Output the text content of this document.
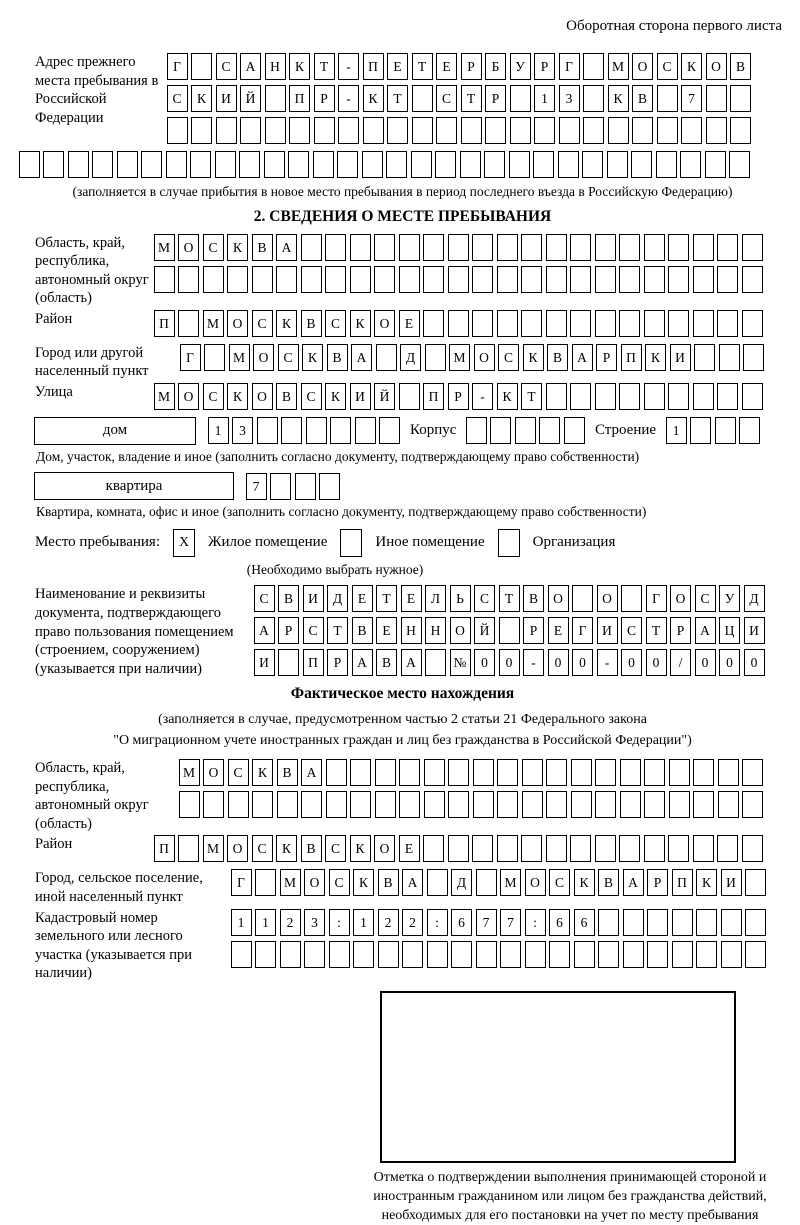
Оборотная сторона первого листа
Адрес прежнего места пребывания в Российской Федерации
Г	С	А	Н	К	Т	-	П	Е	Т	Е	Р	Б	У	Р	Г	М	О	С	К	О	В
С	К	И	Й	П	Р	-	К	Т	С	Т	Р	1	3	К	В	7
(заполняется в случае прибытия в новое место пребывания в период последнего въезда в Российскую Федерацию)
2. СВЕДЕНИЯ О МЕСТЕ ПРЕБЫВАНИЯ
Область, край, республика, автономный округ (область)
М	О	С	К	В	А
Район	П	М	О	С	К	В	С	К	О	Е
Город или другой населенный пункт
Г	М	О	С	К	В	А	Д	М	О	С	К	В	А	Р	П	К	И
Улица	М	О	С	К	О	В	С	К	И	Й	П	Р	-	К	Т
дом	1	3	Корпус	Строение	1
Дом, участок, владение и иное (заполнить согласно документу, подтверждающему право собственности)
квартира	7
Квартира, комната, офис и иное (заполнить согласно документу, подтверждающему право собственности)
Место пребывания:	X	Жилое помещение	Иное помещение	Организация
(Необходимо выбрать нужное)
Наименование и реквизиты документа, подтверждающего право пользования помещением (строением, сооружением) (указывается при наличии)
С	В	И	Д	Е	Т	Е	Л	Ь	С	Т	В	О	О	Г	О	С	У	Д
А	Р	С	Т	В	Е	Н	Н	О	Й	Р	Е	Г	И	С	Т	Р	А	Ц	И
И	П	Р	А	В	А	№	0	0	-	0	0	-	0	0	/	0	0	0
Фактическое место нахождения
(заполняется в случае, предусмотренном частью 2 статьи 21 Федерального закона
"О миграционном учете иностранных граждан и лиц без гражданства в Российской Федерации")
Область, край, республика, автономный округ (область)
М	О	С	К	В	А
Район	П	М	О	С	К	В	С	К	О	Е
Город, сельское поселение, иной населенный пункт
Г	М	О	С	К	В	А	Д	М	О	С	К	В	А	Р	П	К	И
Кадастровый номер земельного или лесного участка (указывается при наличии)
1	1	2	3	:	1	2	2	:	6	7	7	:	6	6
Отметка о подтверждении выполнения принимающей стороной и иностранным гражданином или лицом без гражданства действий, необходимых для его постановки на учет по месту пребывания
